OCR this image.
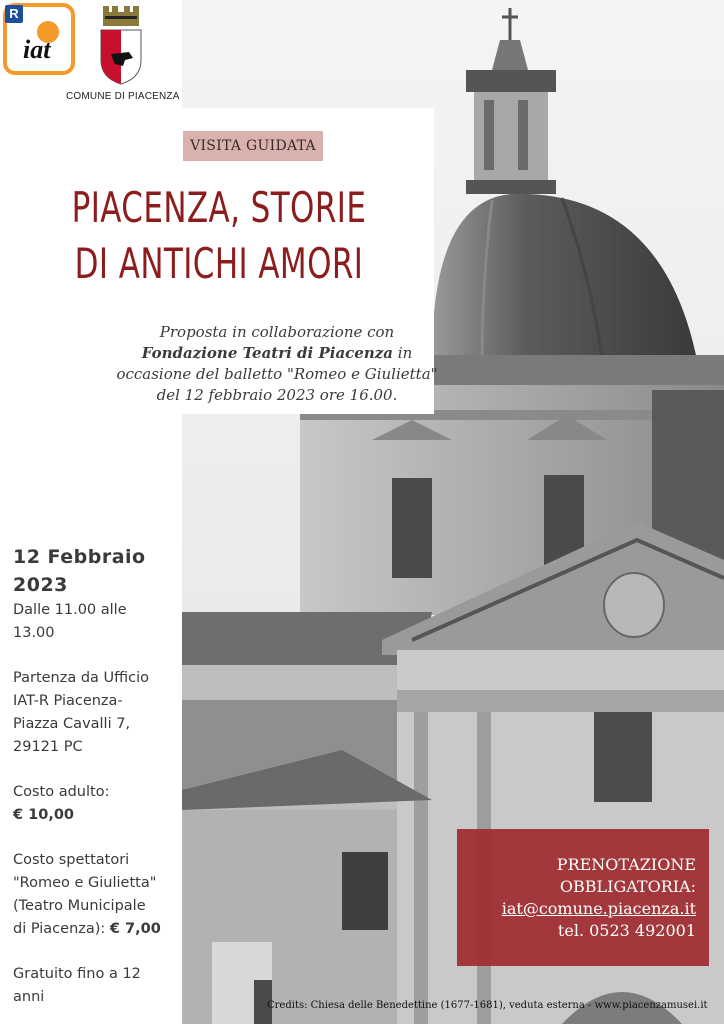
R
iat
COMUNE DI PIACENZA
VISITA GUIDATA
PIACENZA, STORIE
DI ANTICHI AMORI
Proposta in collaborazione con
Fondazione Teatri di Piacenza in
occasione del balletto "Romeo e Giulietta"
del 12 febbraio 2023 ore 16.00.
12 Febbraio
2023
Dalle 11.00 alle
13.00
Partenza da Ufficio
IAT-R Piacenza-
Piazza Cavalli 7,
29121 PC
Costo adulto:
€ 10,00
Costo spettatori
"Romeo e Giulietta"
(Teatro Municipale
di Piacenza): € 7,00
Gratuito fino a 12
anni
PRENOTAZIONE
OBBLIGATORIA:
iat@comune.piacenza.it
tel. 0523 492001
Credits: Chiesa delle Benedettine (1677-1681), veduta esterna - www.piacenzamusei.it
